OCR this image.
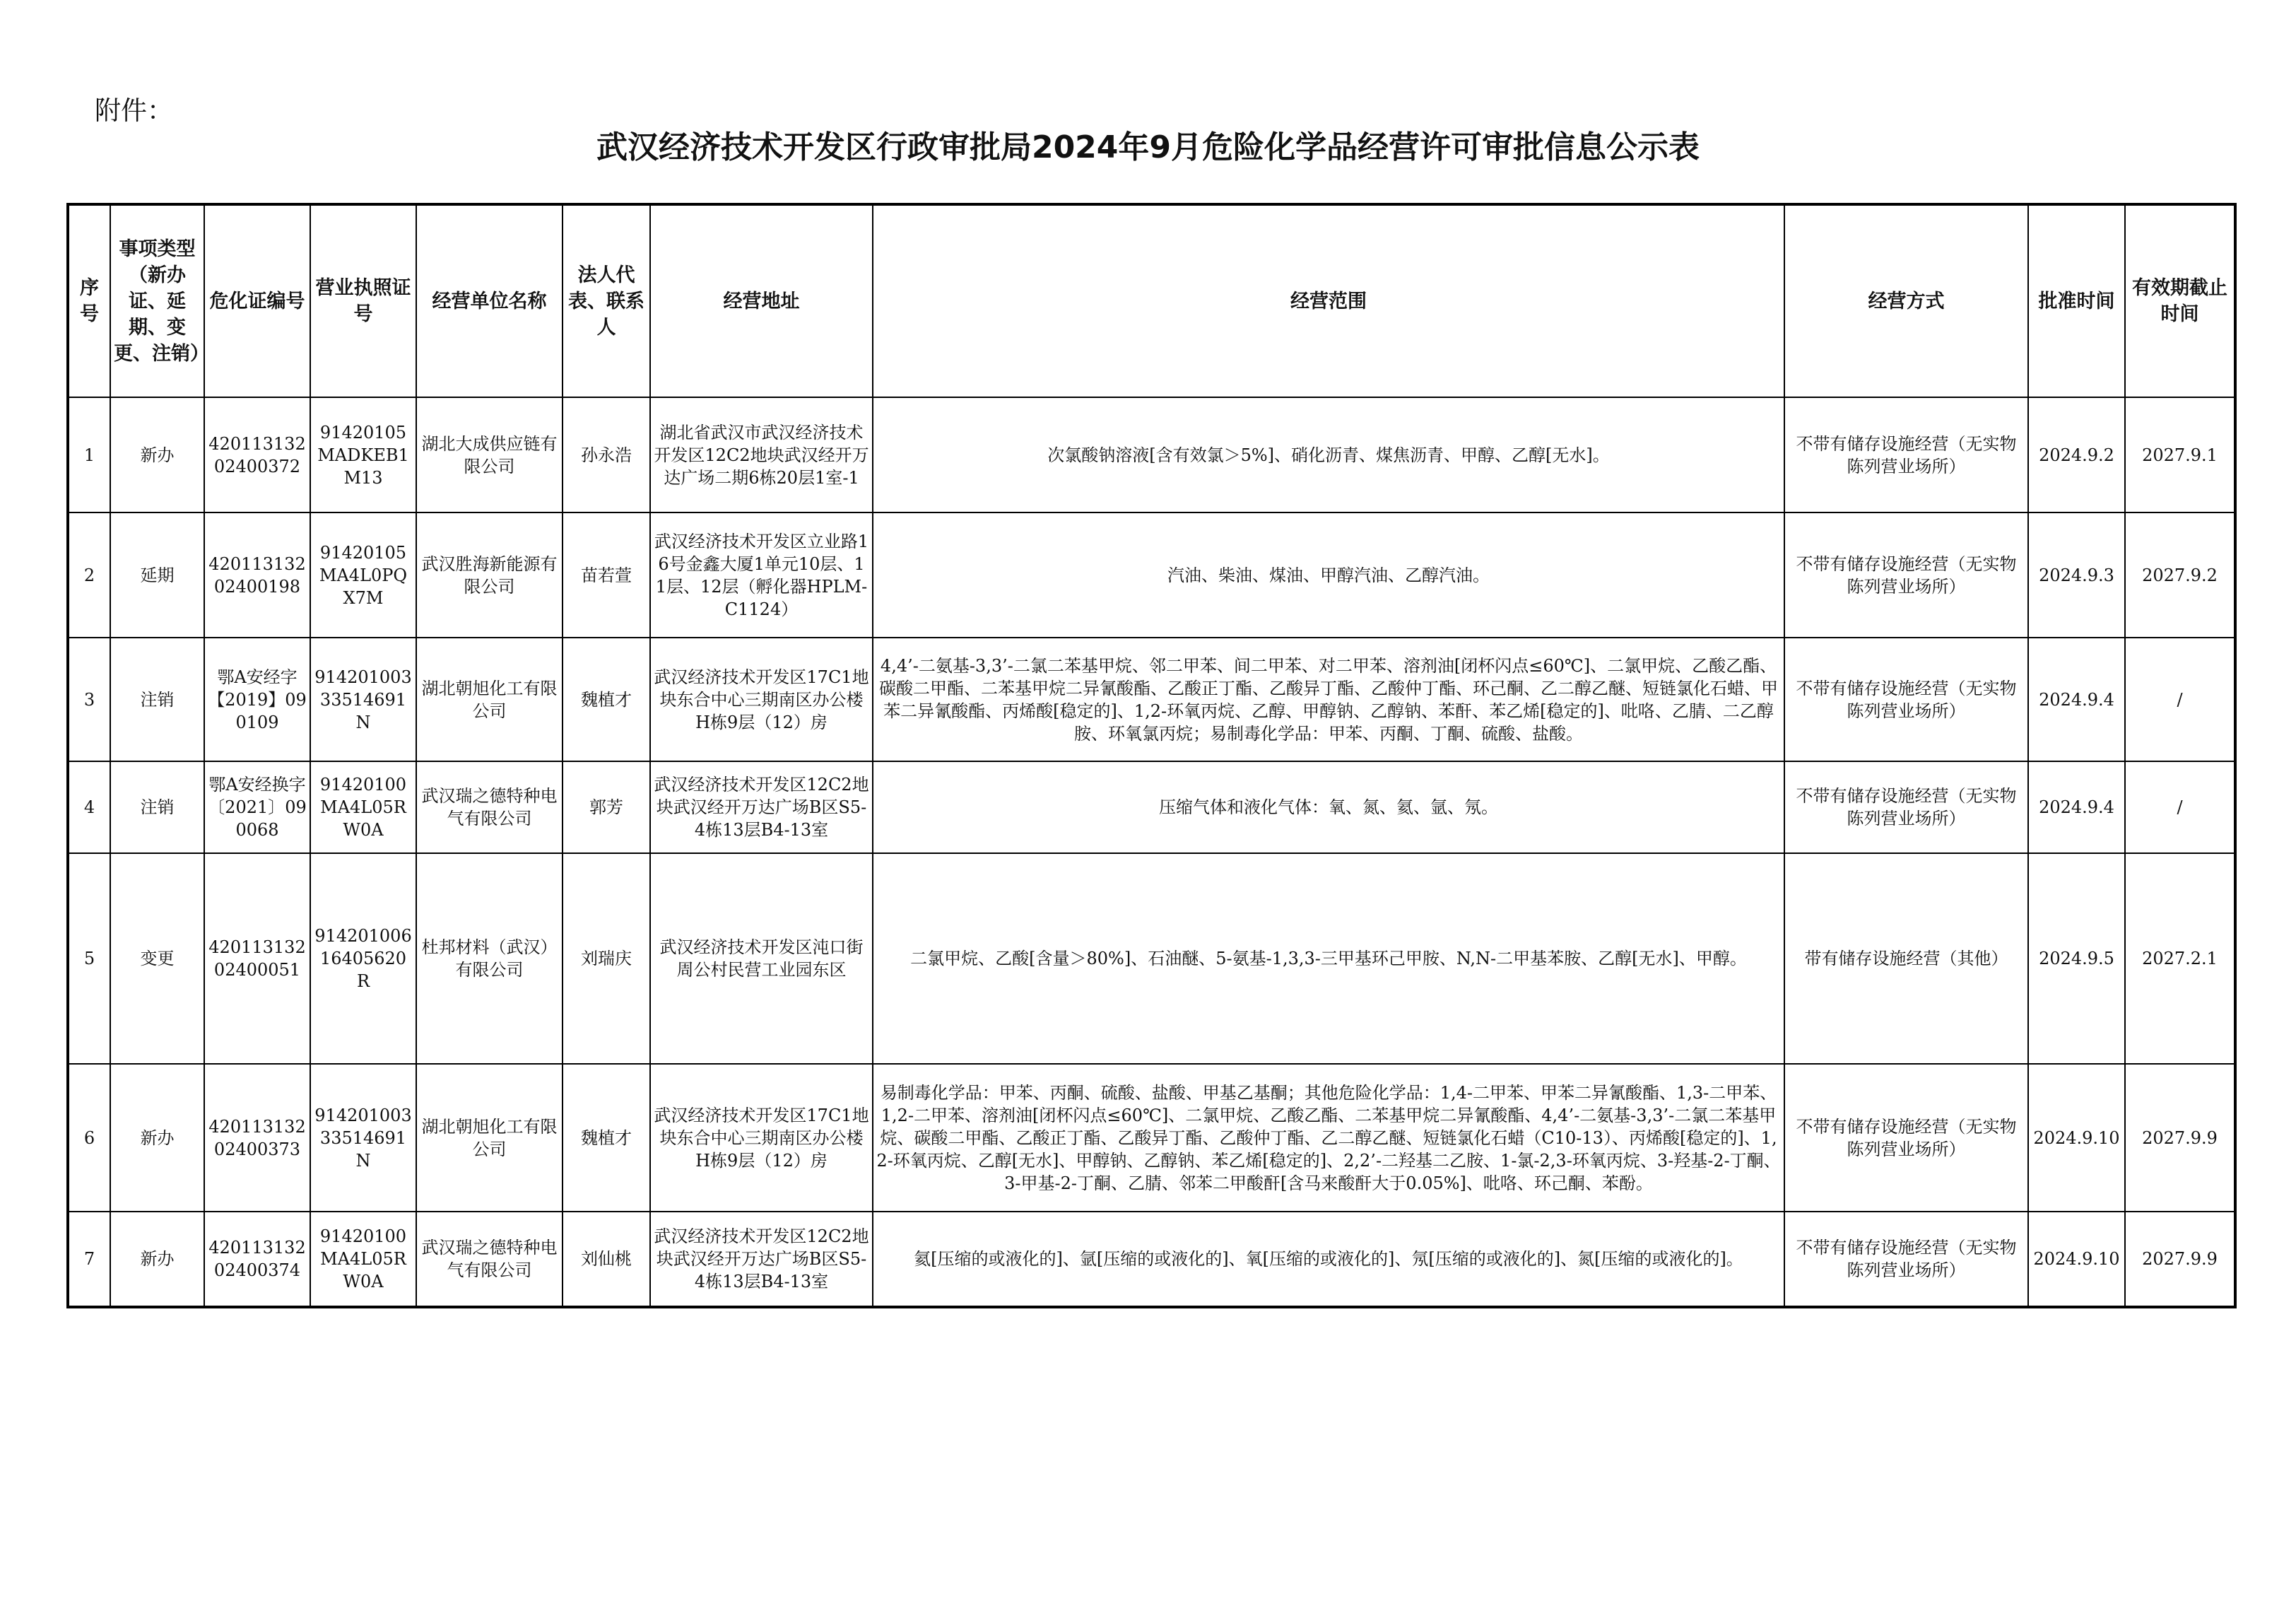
附件：
武汉经济技术开发区行政审批局2024年9月危险化学品经营许可审批信息公示表
序号	事项类型（新办证、延期、变更、注销）	危化证编号	营业执照证号	经营单位名称	法人代表、联系人	经营地址	经营范围	经营方式	批准时间	有效期截止时间
1	新办	42011313202400372	91420105MADKEB1M13	湖北大成供应链有限公司	孙永浩	湖北省武汉市武汉经济技术开发区12C2地块武汉经开万达广场二期6栋20层1室-1	次氯酸钠溶液[含有效氯＞5%]、硝化沥青、煤焦沥青、甲醇、乙醇[无水]。	不带有储存设施经营（无实物陈列营业场所）	2024.9.2	2027.9.1
2	延期	42011313202400198	91420105MA4L0PQX7M	武汉胜海新能源有限公司	苗若萱	武汉经济技术开发区立业路16号金鑫大厦1单元10层、11层、12层（孵化器HPLM-C1124）	汽油、柴油、煤油、甲醇汽油、乙醇汽油。	不带有储存设施经营（无实物陈列营业场所）	2024.9.3	2027.9.2
3	注销	鄂A安经字【2019】090109	91420100333514691N	湖北朝旭化工有限公司	魏植才	武汉经济技术开发区17C1地块东合中心三期南区办公楼H栋9层（12）房	4,4’-二氨基-3,3’-二氯二苯基甲烷、邻二甲苯、间二甲苯、对二甲苯、溶剂油[闭杯闪点≤60℃]、二氯甲烷、乙酸乙酯、碳酸二甲酯、二苯基甲烷二异氰酸酯、乙酸正丁酯、乙酸异丁酯、乙酸仲丁酯、环己酮、乙二醇乙醚、短链氯化石蜡、甲苯二异氰酸酯、丙烯酸[稳定的]、1,2-环氧丙烷、乙醇、甲醇钠、乙醇钠、苯酐、苯乙烯[稳定的]、吡咯、乙腈、二乙醇胺、环氧氯丙烷；易制毒化学品：甲苯、丙酮、丁酮、硫酸、盐酸。	不带有储存设施经营（无实物陈列营业场所）	2024.9.4	/
4	注销	鄂A安经换字〔2021〕090068	91420100MA4L05RW0A	武汉瑞之德特种电气有限公司	郭芳	武汉经济技术开发区12C2地块武汉经开万达广场B区S5-4栋13层B4-13室	压缩气体和液化气体：氧、氮、氦、氩、氖。	不带有储存设施经营（无实物陈列营业场所）	2024.9.4	/
5	变更	42011313202400051	91420100616405620R	杜邦材料（武汉）有限公司	刘瑞庆	武汉经济技术开发区沌口街周公村民营工业园东区	二氯甲烷、乙酸[含量＞80%]、石油醚、5-氨基-1,3,3-三甲基环己甲胺、N,N-二甲基苯胺、乙醇[无水]、甲醇。	带有储存设施经营（其他）	2024.9.5	2027.2.1
6	新办	42011313202400373	91420100333514691N	湖北朝旭化工有限公司	魏植才	武汉经济技术开发区17C1地块东合中心三期南区办公楼H栋9层（12）房	易制毒化学品：甲苯、丙酮、硫酸、盐酸、甲基乙基酮；其他危险化学品：1,4-二甲苯、甲苯二异氰酸酯、1,3-二甲苯、1,2-二甲苯、溶剂油[闭杯闪点≤60℃]、二氯甲烷、乙酸乙酯、二苯基甲烷二异氰酸酯、4,4’-二氨基-3,3’-二氯二苯基甲烷、碳酸二甲酯、乙酸正丁酯、乙酸异丁酯、乙酸仲丁酯、乙二醇乙醚、短链氯化石蜡（C10-13）、丙烯酸[稳定的]、1,2-环氧丙烷、乙醇[无水]、甲醇钠、乙醇钠、苯乙烯[稳定的]、2,2’-二羟基二乙胺、1-氯-2,3-环氧丙烷、3-羟基-2-丁酮、3-甲基-2-丁酮、乙腈、邻苯二甲酸酐[含马来酸酐大于0.05%]、吡咯、环己酮、苯酚。	不带有储存设施经营（无实物陈列营业场所）	2024.9.10	2027.9.9
7	新办	42011313202400374	91420100MA4L05RW0A	武汉瑞之德特种电气有限公司	刘仙桃	武汉经济技术开发区12C2地块武汉经开万达广场B区S5-4栋13层B4-13室	氦[压缩的或液化的]、氩[压缩的或液化的]、氧[压缩的或液化的]、氖[压缩的或液化的]、氮[压缩的或液化的]。	不带有储存设施经营（无实物陈列营业场所）	2024.9.10	2027.9.9
